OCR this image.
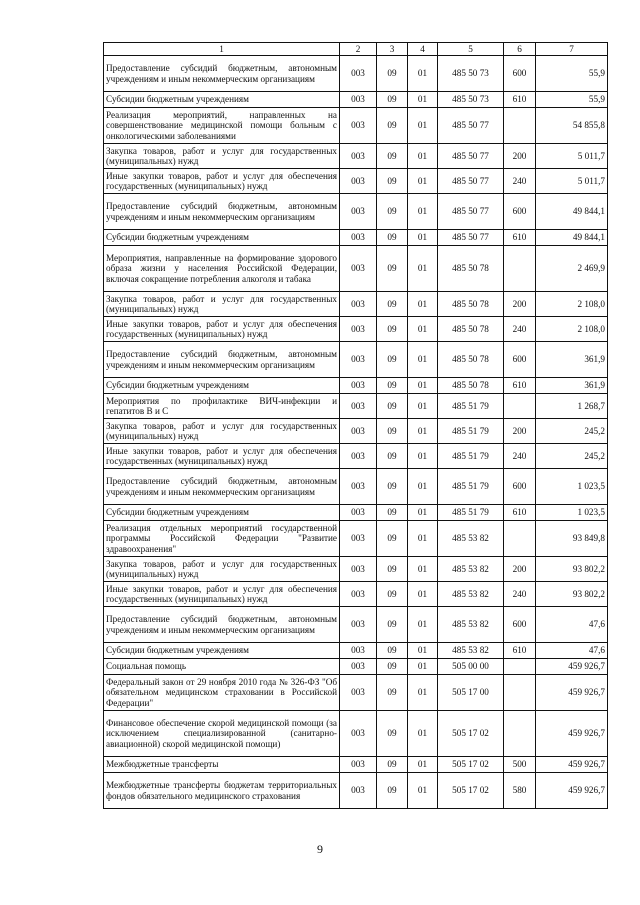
1	2	3	4	5	6	7
Предоставление субсидий бюджетным, автономным учреждениям и иным некоммерческим организациям	003	09	01	485 50 73	600	55,9
Субсидии бюджетным учреждениям	003	09	01	485 50 73	610	55,9
Реализация мероприятий, направленных на совершенствование медицинской помощи больным с онкологическими заболеваниями	003	09	01	485 50 77		54 855,8
Закупка товаров, работ и услуг для государственных (муниципальных) нужд	003	09	01	485 50 77	200	5 011,7
Иные закупки товаров, работ и услуг для обеспечения государственных (муниципальных) нужд	003	09	01	485 50 77	240	5 011,7
Предоставление субсидий бюджетным, автономным учреждениям и иным некоммерческим организациям	003	09	01	485 50 77	600	49 844,1
Субсидии бюджетным учреждениям	003	09	01	485 50 77	610	49 844,1
Мероприятия, направленные на формирование здорового образа жизни у населения Российской Федерации, включая сокращение потребления алкоголя и табака	003	09	01	485 50 78		2 469,9
Закупка товаров, работ и услуг для государственных (муниципальных) нужд	003	09	01	485 50 78	200	2 108,0
Иные закупки товаров, работ и услуг для обеспечения государственных (муниципальных) нужд	003	09	01	485 50 78	240	2 108,0
Предоставление субсидий бюджетным, автономным учреждениям и иным некоммерческим организациям	003	09	01	485 50 78	600	361,9
Субсидии бюджетным учреждениям	003	09	01	485 50 78	610	361,9
Мероприятия по профилактике ВИЧ-инфекции и гепатитов В и С	003	09	01	485 51 79		1 268,7
Закупка товаров, работ и услуг для государственных (муниципальных) нужд	003	09	01	485 51 79	200	245,2
Иные закупки товаров, работ и услуг для обеспечения государственных (муниципальных) нужд	003	09	01	485 51 79	240	245,2
Предоставление субсидий бюджетным, автономным учреждениям и иным некоммерческим организациям	003	09	01	485 51 79	600	1 023,5
Субсидии бюджетным учреждениям	003	09	01	485 51 79	610	1 023,5
Реализация отдельных мероприятий государственной программы Российской Федерации "Развитие здравоохранения"	003	09	01	485 53 82		93 849,8
Закупка товаров, работ и услуг для государственных (муниципальных) нужд	003	09	01	485 53 82	200	93 802,2
Иные закупки товаров, работ и услуг для обеспечения государственных (муниципальных) нужд	003	09	01	485 53 82	240	93 802,2
Предоставление субсидий бюджетным, автономным учреждениям и иным некоммерческим организациям	003	09	01	485 53 82	600	47,6
Субсидии бюджетным учреждениям	003	09	01	485 53 82	610	47,6
Социальная помощь	003	09	01	505 00 00		459 926,7
Федеральный закон от 29 ноября 2010 года № 326-ФЗ "Об обязательном медицинском страховании в Российской Федерации"	003	09	01	505 17 00		459 926,7
Финансовое обеспечение скорой медицинской помощи (за исключением специализированной (санитарно-авиационной) скорой медицинской помощи)	003	09	01	505 17 02		459 926,7
Межбюджетные трансферты	003	09	01	505 17 02	500	459 926,7
Межбюджетные трансферты бюджетам территориальных фондов обязательного медицинского страхования	003	09	01	505 17 02	580	459 926,7
9
